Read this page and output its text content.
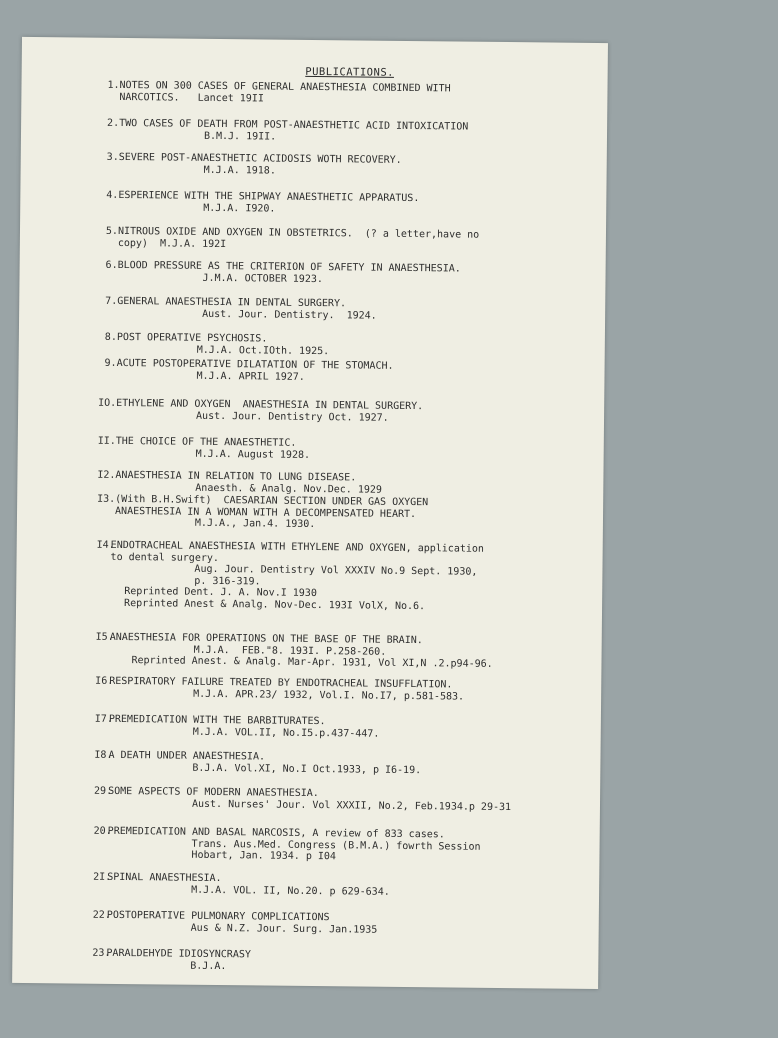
PUBLICATIONS.
1. NOTES ON 300 CASES OF GENERAL ANAESTHESIA COMBINED WITH
NARCOTICS.   Lancet 19II
2. TWO CASES OF DEATH FROM POST-ANAESTHETIC ACID INTOXICATION
B.M.J. 19II.
3. SEVERE POST-ANAESTHETIC ACIDOSIS WOTH RECOVERY.
M.J.A. 1918.
4. ESPERIENCE WITH THE SHIPWAY ANAESTHETIC APPARATUS.
M.J.A. I920.
5. NITROUS OXIDE AND OXYGEN IN OBSTETRICS.  (? a letter,have no
copy)  M.J.A. 192I
6. BLOOD PRESSURE AS THE CRITERION OF SAFETY IN ANAESTHESIA.
J.M.A. OCTOBER 1923.
7. GENERAL ANAESTHESIA IN DENTAL SURGERY.
Aust. Jour. Dentistry.  1924.
8. POST OPERATIVE PSYCHOSIS.
M.J.A. Oct.IOth. 1925.
9. ACUTE POSTOPERATIVE DILATATION OF THE STOMACH.
M.J.A. APRIL 1927.
IO. ETHYLENE AND OXYGEN  ANAESTHESIA IN DENTAL SURGERY.
Aust. Jour. Dentistry Oct. 1927.
II. THE CHOICE OF THE ANAESTHETIC.
M.J.A. August 1928.
I2. ANAESTHESIA IN RELATION TO LUNG DISEASE.
Anaesth. & Analg. Nov.Dec. 1929
I3. (With B.H.Swift)  CAESARIAN SECTION UNDER GAS OXYGEN
ANAESTHESIA IN A WOMAN WITH A DECOMPENSATED HEART.
M.J.A., Jan.4. 1930.
I4.
ENDOTRACHEAL ANAESTHESIA WITH ETHYLENE AND OXYGEN, application
to dental surgery.
Aug. Jour. Dentistry Vol XXXIV No.9 Sept. 1930,
p. 316-319.
Reprinted Dent. J. A. Nov.I 1930
Reprinted Anest & Analg. Nov-Dec. 193I VolX, No.6.
I5.
ANAESTHESIA FOR OPERATIONS ON THE BASE OF THE BRAIN.
M.J.A.  FEB."8. 193I. P.258-260.
Reprinted Anest. & Analg. Mar-Apr. 1931, Vol XI,N .2.p94-96.
I6.
RESPIRATORY FAILURE TREATED BY ENDOTRACHEAL INSUFFLATION.
M.J.A. APR.23/ 1932, Vol.I. No.I7, p.581-583.
I7.
PREMEDICATION WITH THE BARBITURATES.
M.J.A. VOL.II, No.I5.p.437-447.
I8.
A DEATH UNDER ANAESTHESIA.
B.J.A. Vol.XI, No.I Oct.1933, p I6-19.
29.
SOME ASPECTS OF MODERN ANAESTHESIA.
Aust. Nurses' Jour. Vol XXXII, No.2, Feb.1934.p 29-31
20.
PREMEDICATION AND BASAL NARCOSIS, A review of 833 cases.
Trans. Aus.Med. Congress (B.M.A.) fowrth Session
Hobart, Jan. 1934. p I04
2I.
SPINAL ANAESTHESIA.
M.J.A. VOL. II, No.20. p 629-634.
22.
POSTOPERATIVE PULMONARY COMPLICATIONS
Aus & N.Z. Jour. Surg. Jan.1935
23.
PARALDEHYDE IDIOSYNCRASY
B.J.A.
